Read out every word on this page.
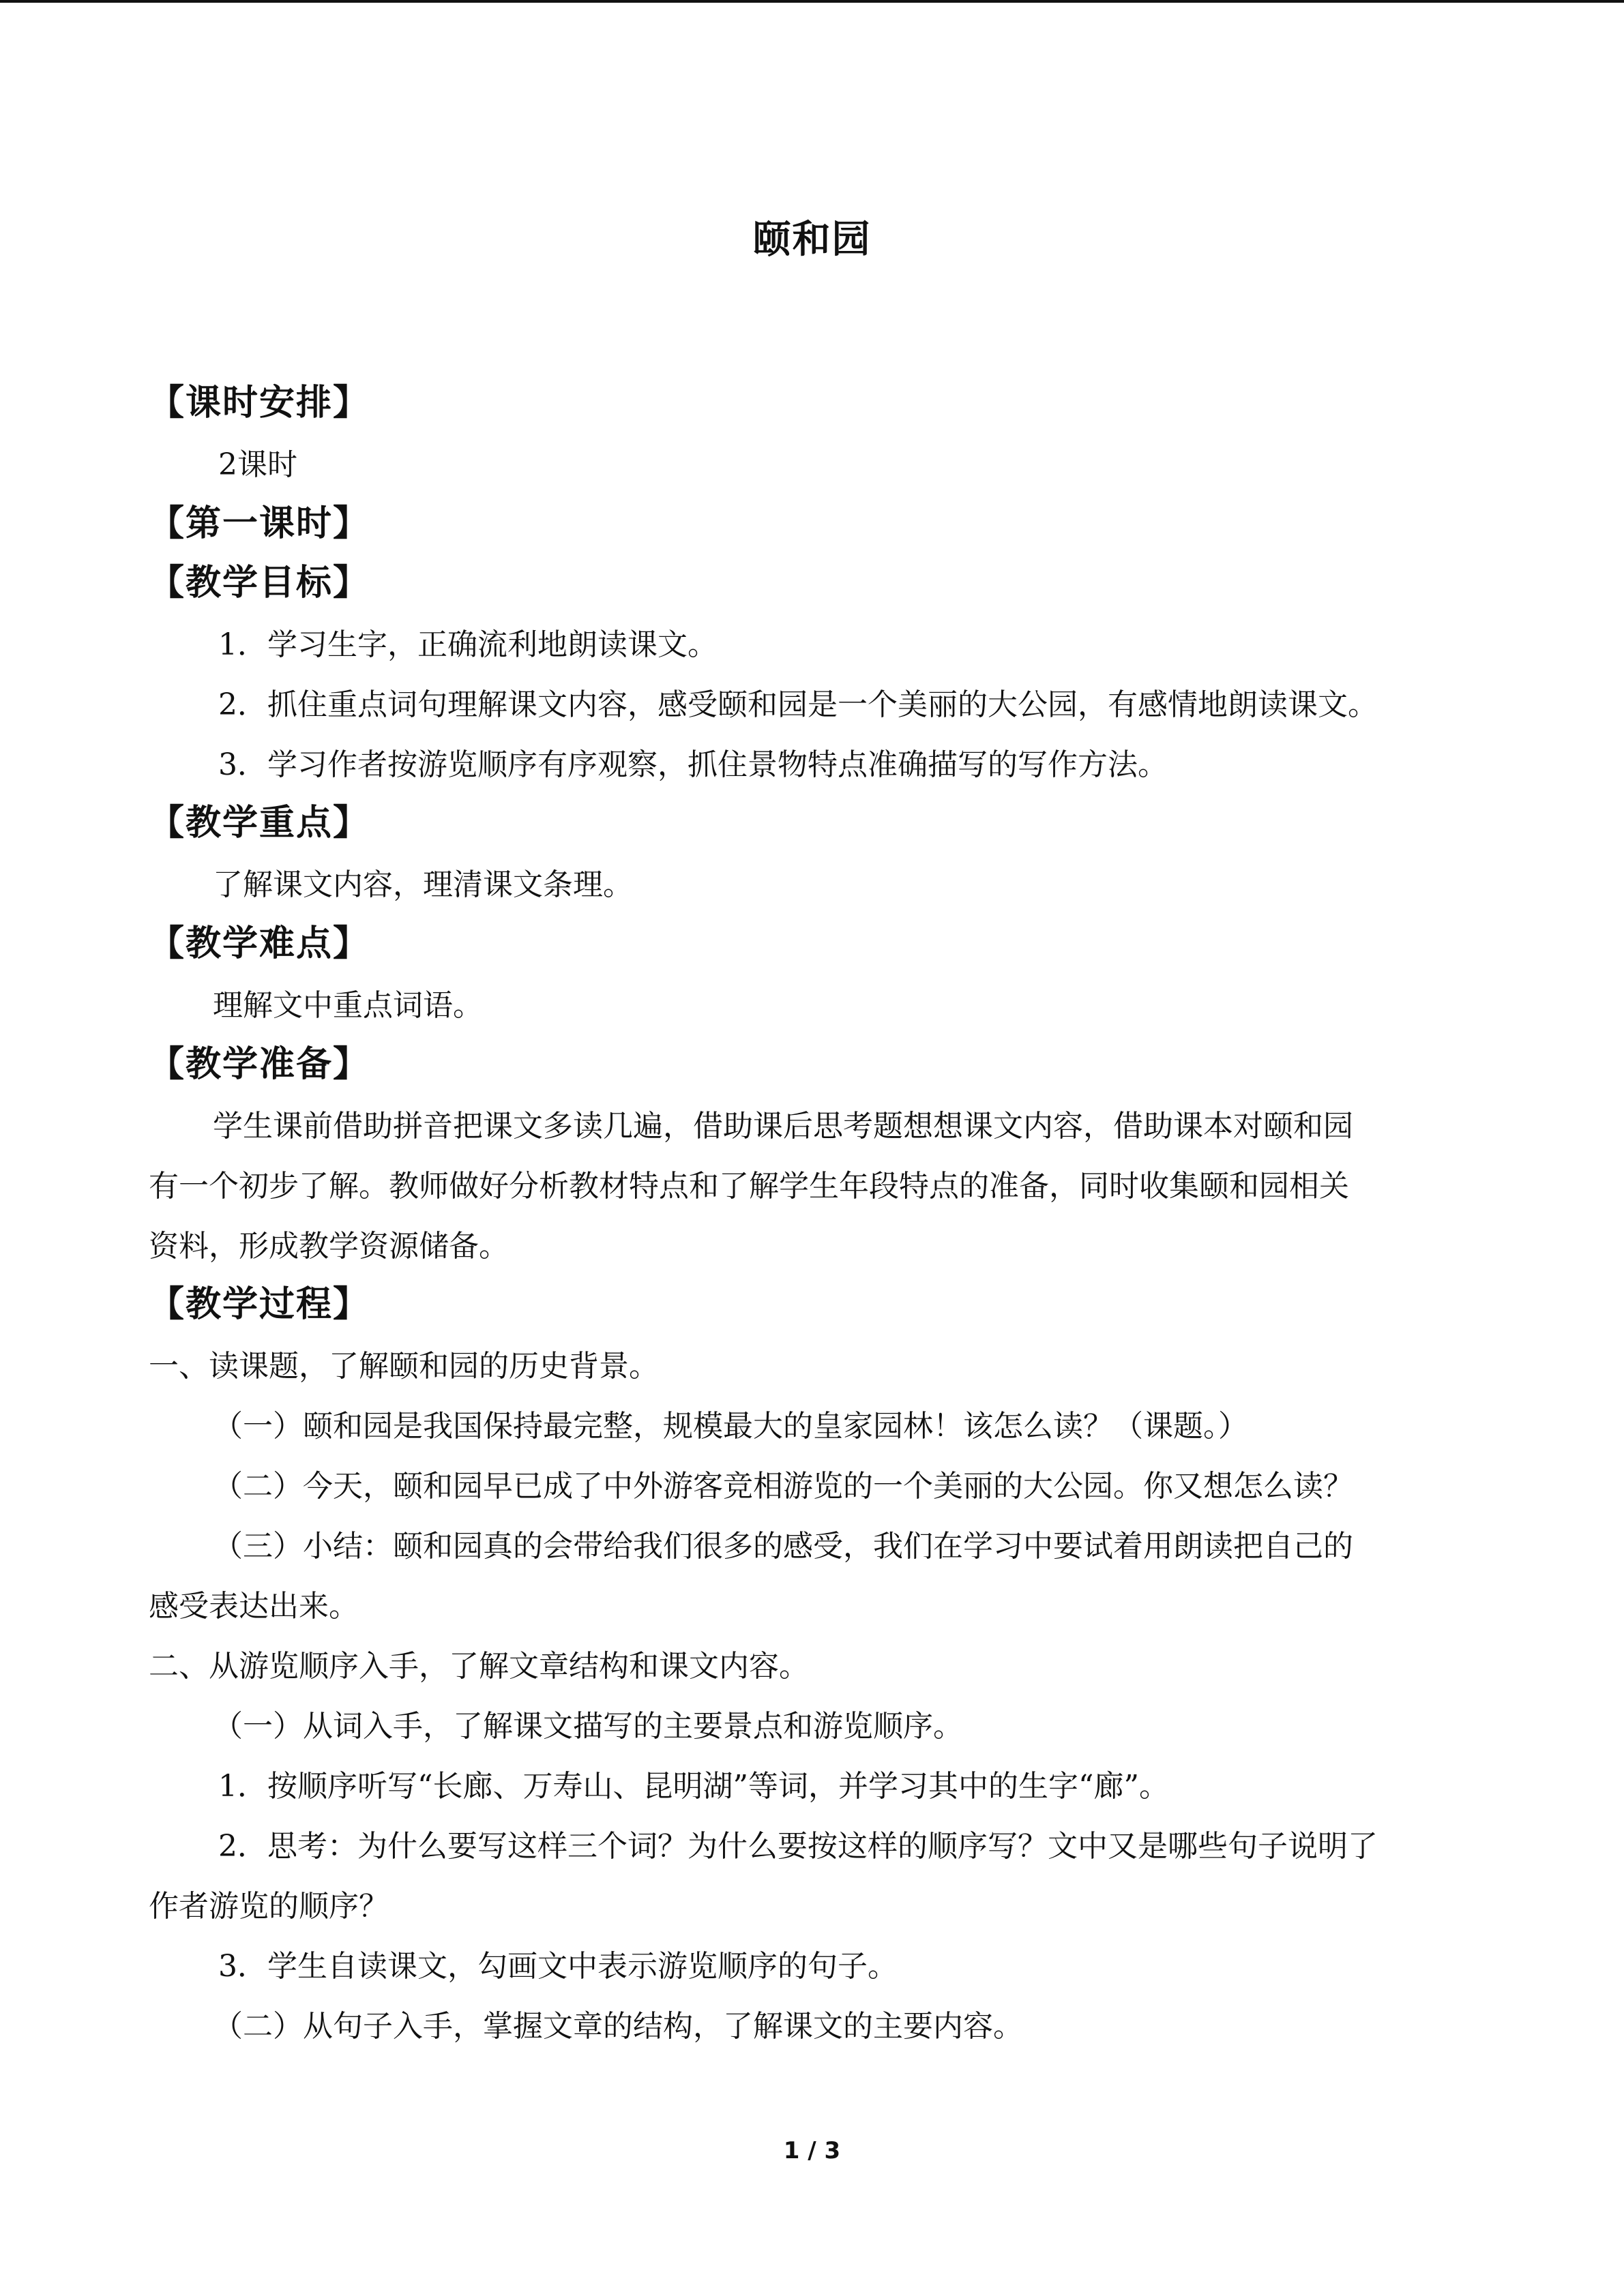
颐和园
【课时安排】
2课时
【第一课时】
【教学目标】
1．学习生字，正确流利地朗读课文。
2．抓住重点词句理解课文内容，感受颐和园是一个美丽的大公园，有感情地朗读课文。
3．学习作者按游览顺序有序观察，抓住景物特点准确描写的写作方法。
【教学重点】
了解课文内容，理清课文条理。
【教学难点】
理解文中重点词语。
【教学准备】
学生课前借助拼音把课文多读几遍，借助课后思考题想想课文内容，借助课本对颐和园
有一个初步了解。教师做好分析教材特点和了解学生年段特点的准备，同时收集颐和园相关
资料，形成教学资源储备。
【教学过程】
一、读课题，了解颐和园的历史背景。
（一）颐和园是我国保持最完整，规模最大的皇家园林！该怎么读？（课题。）
（二）今天，颐和园早已成了中外游客竞相游览的一个美丽的大公园。你又想怎么读？
（三）小结：颐和园真的会带给我们很多的感受，我们在学习中要试着用朗读把自己的
感受表达出来。
二、从游览顺序入手，了解文章结构和课文内容。
（一）从词入手，了解课文描写的主要景点和游览顺序。
1．按顺序听写“长廊、万寿山、昆明湖”等词，并学习其中的生字“廊”。
2．思考：为什么要写这样三个词？为什么要按这样的顺序写？文中又是哪些句子说明了
作者游览的顺序？
3．学生自读课文，勾画文中表示游览顺序的句子。
（二）从句子入手，掌握文章的结构，了解课文的主要内容。
1 / 3
